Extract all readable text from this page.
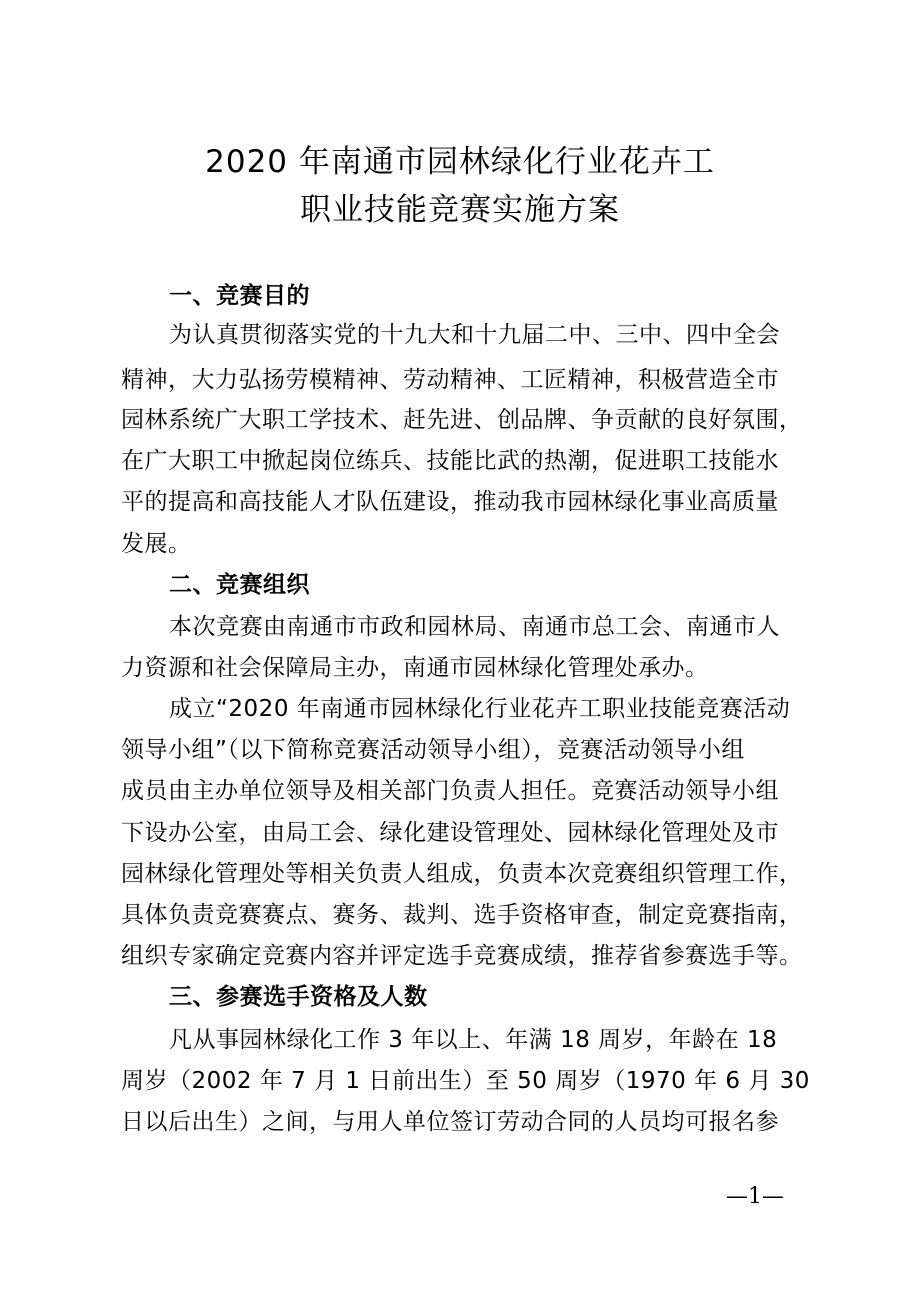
2020 年南通市园林绿化行业花卉工
职业技能竞赛实施方案
一、竞赛目的
为认真贯彻落实党的十九大和十九届二中、三中、四中全会
精神，大力弘扬劳模精神、劳动精神、工匠精神，积极营造全市
园林系统广大职工学技术、赶先进、创品牌、争贡献的良好氛围，
在广大职工中掀起岗位练兵、技能比武的热潮，促进职工技能水
平的提高和高技能人才队伍建设，推动我市园林绿化事业高质量
发展。
二、竞赛组织
本次竞赛由南通市市政和园林局、南通市总工会、南通市人
力资源和社会保障局主办，南通市园林绿化管理处承办。
成立“2020 年南通市园林绿化行业花卉工职业技能竞赛活动
领导小组”（以下简称竞赛活动领导小组），竞赛活动领导小组
成员由主办单位领导及相关部门负责人担任。竞赛活动领导小组
下设办公室，由局工会、绿化建设管理处、园林绿化管理处及市
园林绿化管理处等相关负责人组成，负责本次竞赛组织管理工作，
具体负责竞赛赛点、赛务、裁判、选手资格审查，制定竞赛指南，
组织专家确定竞赛内容并评定选手竞赛成绩，推荐省参赛选手等。
三、参赛选手资格及人数
凡从事园林绿化工作 3 年以上、年满 18 周岁，年龄在 18
周岁（2002 年 7 月 1 日前出生）至 50 周岁（1970 年 6 月 30
日以后出生）之间，与用人单位签订劳动合同的人员均可报名参
—1—
